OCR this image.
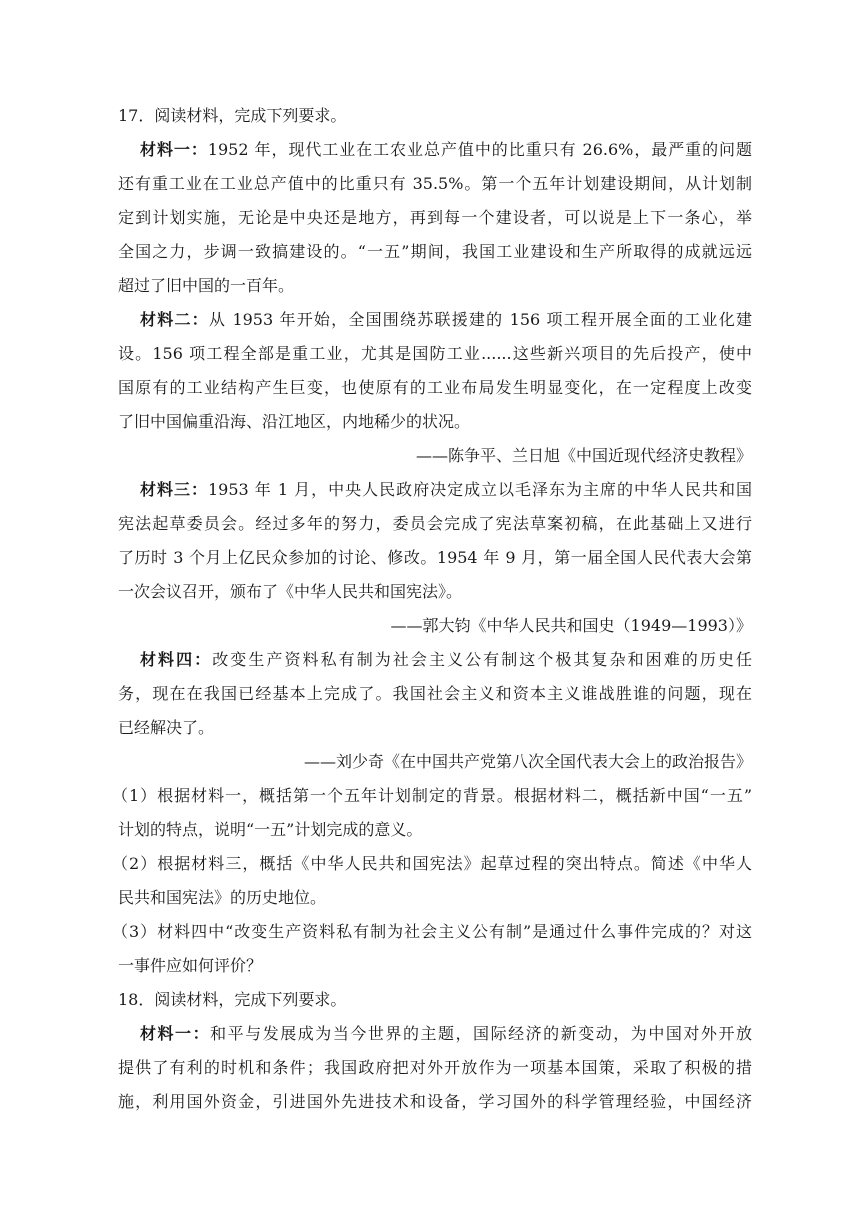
17．阅读材料，完成下列要求。
材料一：1952 年，现代工业在工农业总产值中的比重只有 26.6%，最严重的问题
还有重工业在工业总产值中的比重只有 35.5%。第一个五年计划建设期间，从计划制
定到计划实施，无论是中央还是地方，再到每一个建设者，可以说是上下一条心，举
全国之力，步调一致搞建设的。“一五”期间，我国工业建设和生产所取得的成就远远
超过了旧中国的一百年。
材料二：从 1953 年开始，全国围绕苏联援建的 156 项工程开展全面的工业化建
设。156 项工程全部是重工业，尤其是国防工业......这些新兴项目的先后投产，使中
国原有的工业结构产生巨变，也使原有的工业布局发生明显变化，在一定程度上改变
了旧中国偏重沿海、沿江地区，内地稀少的状况。
——陈争平、兰日旭《中国近现代经济史教程》
材料三：1953 年 1 月，中央人民政府决定成立以毛泽东为主席的中华人民共和国
宪法起草委员会。经过多年的努力，委员会完成了宪法草案初稿，在此基础上又进行
了历时 3 个月上亿民众参加的讨论、修改。1954 年 9 月，第一届全国人民代表大会第
一次会议召开，颁布了《中华人民共和国宪法》。
——郭大钧《中华人民共和国史（1949—1993）》
材料四：改变生产资料私有制为社会主义公有制这个极其复杂和困难的历史任
务，现在在我国已经基本上完成了。我国社会主义和资本主义谁战胜谁的问题，现在
已经解决了。
——刘少奇《在中国共产党第八次全国代表大会上的政治报告》
（1）根据材料一，概括第一个五年计划制定的背景。根据材料二，概括新中国“一五”
计划的特点，说明“一五”计划完成的意义。
（2）根据材料三，概括《中华人民共和国宪法》起草过程的突出特点。简述《中华人
民共和国宪法》的历史地位。
（3）材料四中“改变生产资料私有制为社会主义公有制”是通过什么事件完成的？对这
一事件应如何评价？
18．阅读材料，完成下列要求。
材料一：和平与发展成为当今世界的主题，国际经济的新变动，为中国对外开放
提供了有利的时机和条件；我国政府把对外开放作为一项基本国策，采取了积极的措
施，利用国外资金，引进国外先进技术和设备，学习国外的科学管理经验，中国经济
